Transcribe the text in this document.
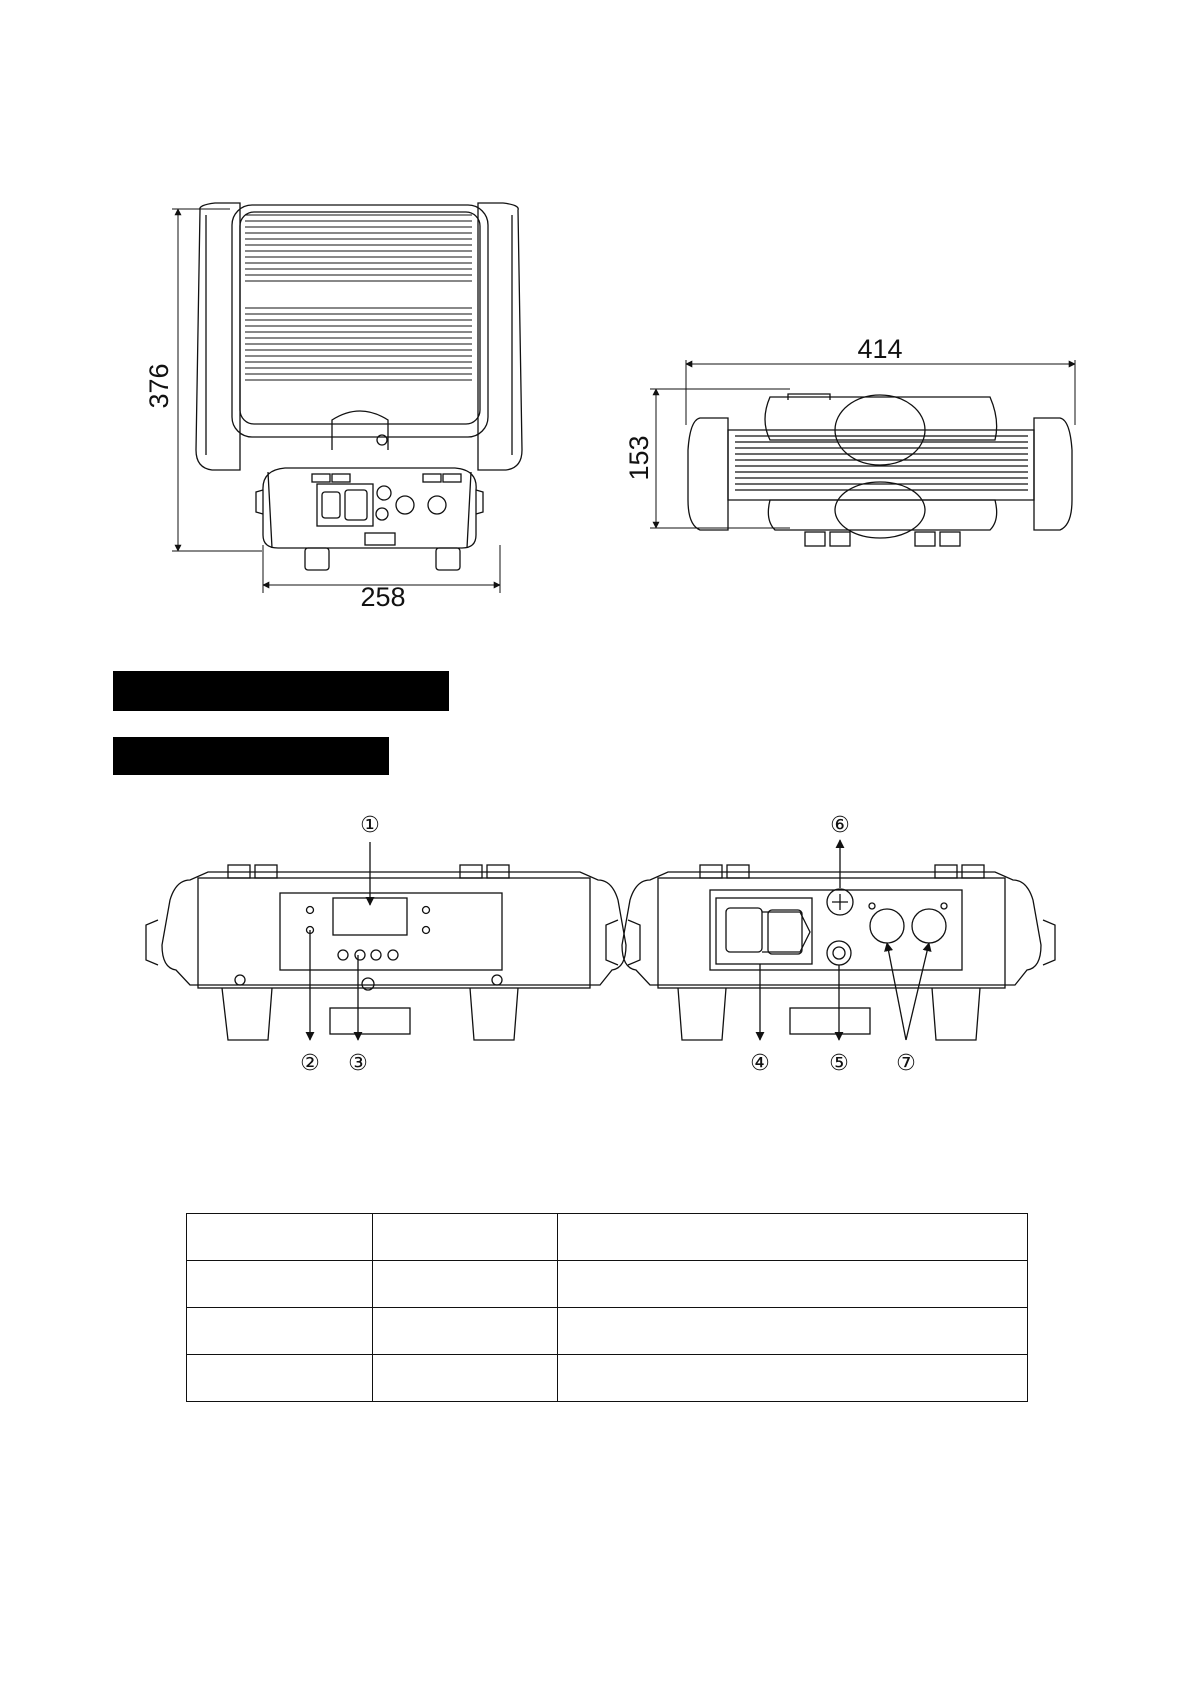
376
258
414
153
①
② ③
⑥
④	⑤ ⑦
